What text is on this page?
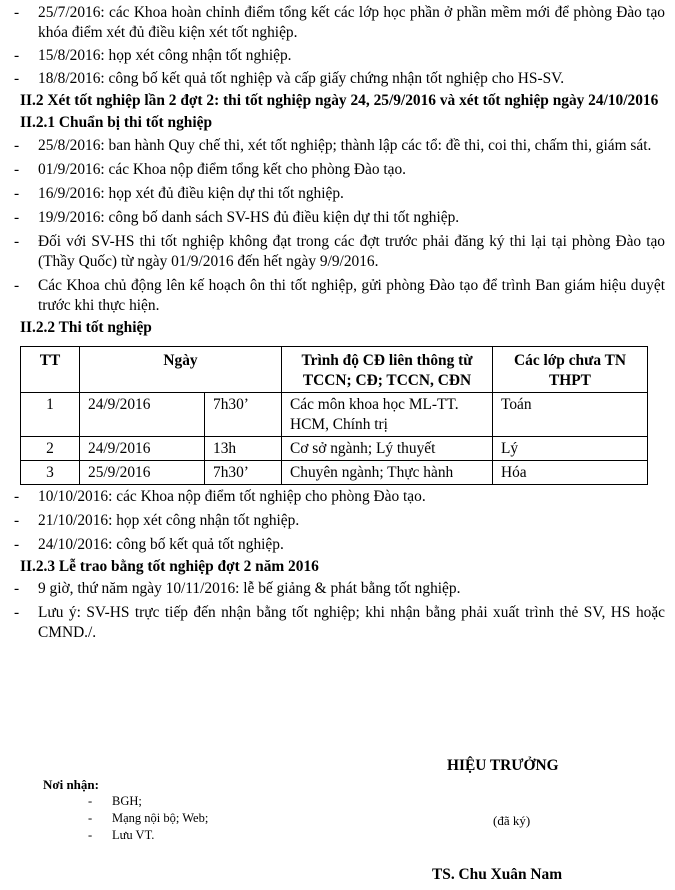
- 25/7/2016: các Khoa hoàn chỉnh điểm tổng kết các lớp học phần ở phần mềm mới để phòng Đào tạo khóa điểm xét đủ điều kiện xét tốt nghiệp.
- 15/8/2016: họp xét công nhận tốt nghiệp.
- 18/8/2016: công bố kết quả tốt nghiệp và cấp giấy chứng nhận tốt nghiệp cho HS-SV.

II.2 Xét tốt nghiệp lần 2 đợt 2: thi tốt nghiệp ngày 24, 25/9/2016 và xét tốt nghiệp ngày 24/10/2016

II.2.1 Chuẩn bị thi tốt nghiệp

- 25/8/2016: ban hành Quy chế thi, xét tốt nghiệp; thành lập các tổ: đề thi, coi thi, chấm thi, giám sát.
- 01/9/2016: các Khoa nộp điểm tổng kết cho phòng Đào tạo.
- 16/9/2016: họp xét đủ điều kiện dự thi tốt nghiệp.
- 19/9/2016: công bố danh sách SV-HS đủ điều kiện dự thi tốt nghiệp.
- Đối với SV-HS thi tốt nghiệp không đạt trong các đợt trước phải đăng ký thi lại tại phòng Đào tạo (Thầy Quốc) từ ngày 01/9/2016 đến hết ngày 9/9/2016.
- Các Khoa chủ động lên kế hoạch ôn thi tốt nghiệp, gửi phòng Đào tạo để trình Ban giám hiệu duyệt trước khi thực hiện.

II.2.2 Thi tốt nghiệp

TT	Ngày		Trình độ CĐ liên thông từ TCCN; CĐ; TCCN, CĐN	Các lớp chưa TN THPT
1	24/9/2016	7h30’	Các môn khoa học ML-TT. HCM, Chính trị	Toán
2	24/9/2016	13h	Cơ sở ngành; Lý thuyết	Lý
3	25/9/2016	7h30’	Chuyên ngành; Thực hành	Hóa
- 10/10/2016: các Khoa nộp điểm tốt nghiệp cho phòng Đào tạo.
- 21/10/2016: họp xét công nhận tốt nghiệp.
- 24/10/2016: công bố kết quả tốt nghiệp.

II.2.3 Lễ trao bằng tốt nghiệp đợt 2 năm 2016

- 9 giờ, thứ năm ngày 10/11/2016: lễ bế giảng & phát bằng tốt nghiệp.
- Lưu ý: SV-HS trực tiếp đến nhận bằng tốt nghiệp; khi nhận bằng phải xuất trình thẻ SV, HS hoặc CMND./.
HIỆU TRƯỞNG
Nơi nhận:
- BGH;
- Mạng nội bộ; Web;
- Lưu VT.
(đã ký)
TS. Chu Xuân Nam
